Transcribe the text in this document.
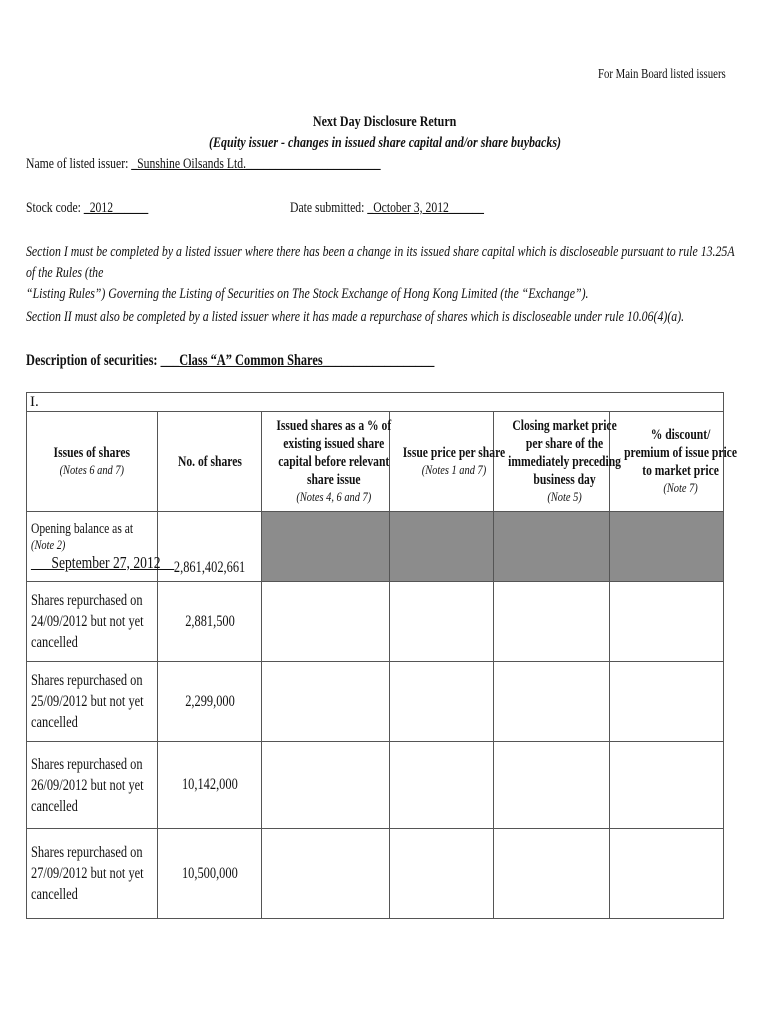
For Main Board listed issuers
Next Day Disclosure Return
(Equity issuer - changes in issued share capital and/or share buybacks)
Name of listed issuer: _Sunshine Oilsands Ltd._______________________
Stock code: _2012______	Date submitted: _October 3, 2012______
Section I must be completed by a listed issuer where there has been a change in its issued share capital which is discloseable pursuant to rule 13.25A of the Rules (the
“Listing Rules”) Governing the Listing of Securities on The Stock Exchange of Hong Kong Limited (the “Exchange”).
Section II must also be completed by a listed issuer where it has made a repurchase of shares which is discloseable under rule 10.06(4)(a).
Description of securities: ___Class “A” Common Shares__________________
I.					
Issues of shares
(Notes 6 and 7)	No. of shares	Issued shares as a % of
existing issued share
capital before relevant
share issue
(Notes 4, 6 and 7)	Issue price per share
(Notes 1 and 7)	Closing market price
per share of the
immediately preceding
business day
(Note 5)	% discount/
premium of issue price
to market price
(Note 7)

Opening balance as at
(Note 2)
___September 27, 2012__	2,861,402,661				

Shares repurchased on
24/09/2012 but not yet
cancelled	2,881,500				

Shares repurchased on
25/09/2012 but not yet
cancelled	2,299,000				

Shares repurchased on
26/09/2012 but not yet
cancelled	10,142,000				

Shares repurchased on
27/09/2012 but not yet
cancelled	10,500,000				
